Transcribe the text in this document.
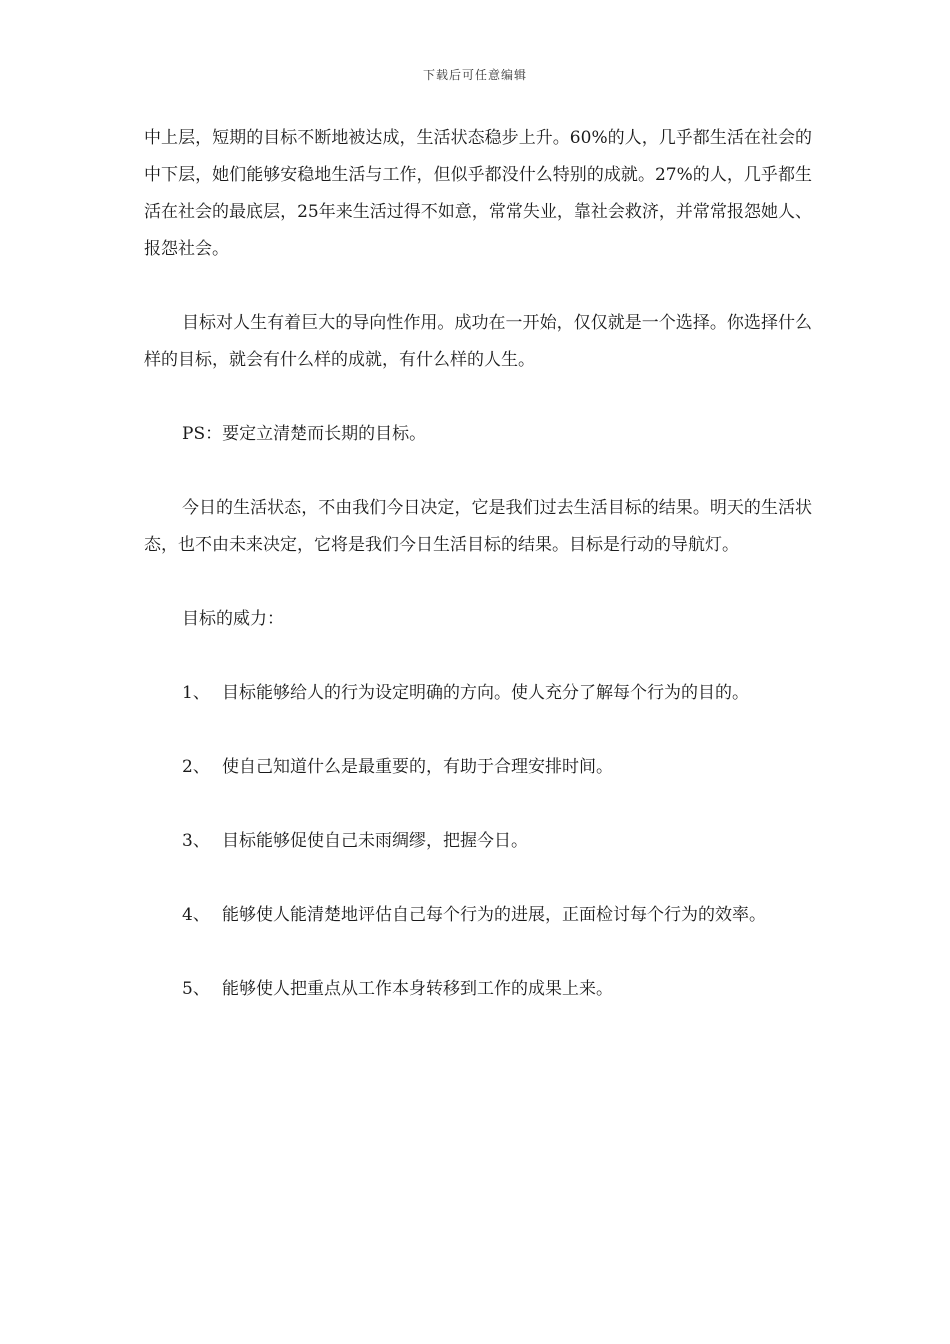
下载后可任意编辑

中上层，短期的目标不断地被达成，生活状态稳步上升。60%的人，几乎都生活在社会的中下层，她们能够安稳地生活与工作，但似乎都没什么特别的成就。27%的人，几乎都生活在社会的最底层，25年来生活过得不如意，常常失业，靠社会救济，并常常报怨她人、报怨社会。

目标对人生有着巨大的导向性作用。成功在一开始，仅仅就是一个选择。你选择什么样的目标，就会有什么样的成就，有什么样的人生。

PS：要定立清楚而长期的目标。

今日的生活状态，不由我们今日决定，它是我们过去生活目标的结果。明天的生活状态，也不由未来决定，它将是我们今日生活目标的结果。目标是行动的导航灯。

目标的威力：

1、 目标能够给人的行为设定明确的方向。使人充分了解每个行为的目的。

2、 使自己知道什么是最重要的，有助于合理安排时间。

3、 目标能够促使自己未雨绸缪，把握今日。

4、 能够使人能清楚地评估自己每个行为的进展，正面检讨每个行为的效率。

5、 能够使人把重点从工作本身转移到工作的成果上来。
